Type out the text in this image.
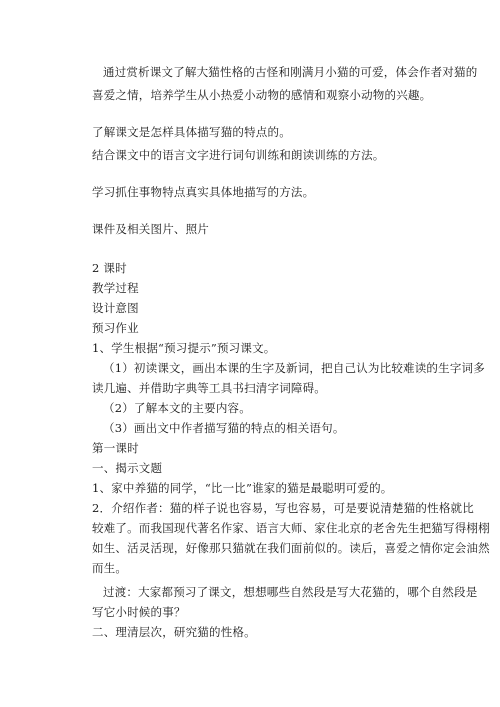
通过赏析课文了解大猫性格的古怪和刚满月小猫的可爱，体会作者对猫的
喜爱之情，培养学生从小热爱小动物的感情和观察小动物的兴趣。
了解课文是怎样具体描写猫的特点的。
结合课文中的语言文字进行词句训练和朗读训练的方法。
学习抓住事物特点真实具体地描写的方法。
课件及相关图片、照片
2 课时
教学过程
设计意图
预习作业
1、学生根据“预习提示”预习课文。
（1）初读课文，画出本课的生字及新词，把自己认为比较难读的生字词多
读几遍、并借助字典等工具书扫清字词障碍。
（2）了解本文的主要内容。
（3）画出文中作者描写猫的特点的相关语句。
第一课时
一、揭示文题
1、家中养猫的同学，“比一比”谁家的猫是最聪明可爱的。
2．介绍作者：猫的样子说也容易，写也容易，可是要说清楚猫的性格就比
较难了。而我国现代著名作家、语言大师、家住北京的老舍先生把猫写得栩栩
如生、活灵活现，好像那只猫就在我们面前似的。读后，喜爱之情你定会油然
而生。
过渡：大家都预习了课文，想想哪些自然段是写大花猫的，哪个自然段是
写它小时候的事？
二、理清层次，研究猫的性格。
